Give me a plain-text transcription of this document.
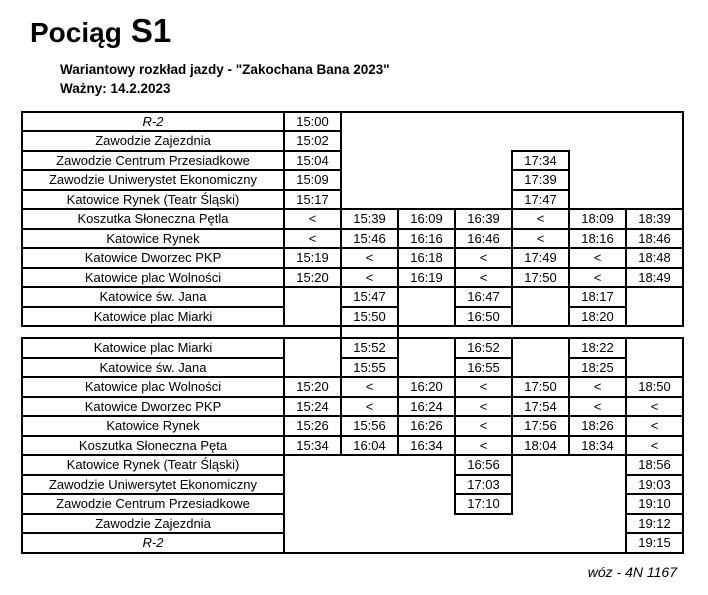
Pociąg S1
Wariantowy rozkład jazdy - "Zakochana Bana 2023"
Ważny: 14.2.2023
R-2	15:00						
Zawodzie Zajezdnia	15:02						
Zawodzie Centrum Przesiadkowe	15:04				17:34		
Zawodzie Uniwerystet Ekonomiczny	15:09				17:39		
Katowice Rynek (Teatr Śląski)	15:17				17:47		
Koszutka Słoneczna Pętla	<	15:39	16:09	16:39	<	18:09	18:39
Katowice Rynek	<	15:46	16:16	16:46	<	18:16	18:46
Katowice Dworzec PKP	15:19	<	16:18	<	17:49	<	18:48
Katowice plac Wolności	15:20	<	16:19	<	17:50	<	18:49
Katowice św. Jana		15:47		16:47		18:17	
Katowice plac Miarki		15:50		16:50		18:20	

Katowice plac Miarki		15:52		16:52		18:22	
Katowice św. Jana		15:55		16:55		18:25	
Katowice plac Wolności	15:20	<	16:20	<	17:50	<	18:50
Katowice Dworzec PKP	15:24	<	16:24	<	17:54	<	<
Katowice Rynek	15:26	15:56	16:26	<	17:56	18:26	<
Koszutka Słoneczna Pęta	15:34	16:04	16:34	<	18:04	18:34	<
Katowice Rynek (Teatr Śląski)				16:56			18:56
Zawodzie Uniwersytet Ekonomiczny				17:03			19:03
Zawodzie Centrum Przesiadkowe				17:10			19:10
Zawodzie Zajezdnia							19:12
R-2							19:15
wóz - 4N 1167
